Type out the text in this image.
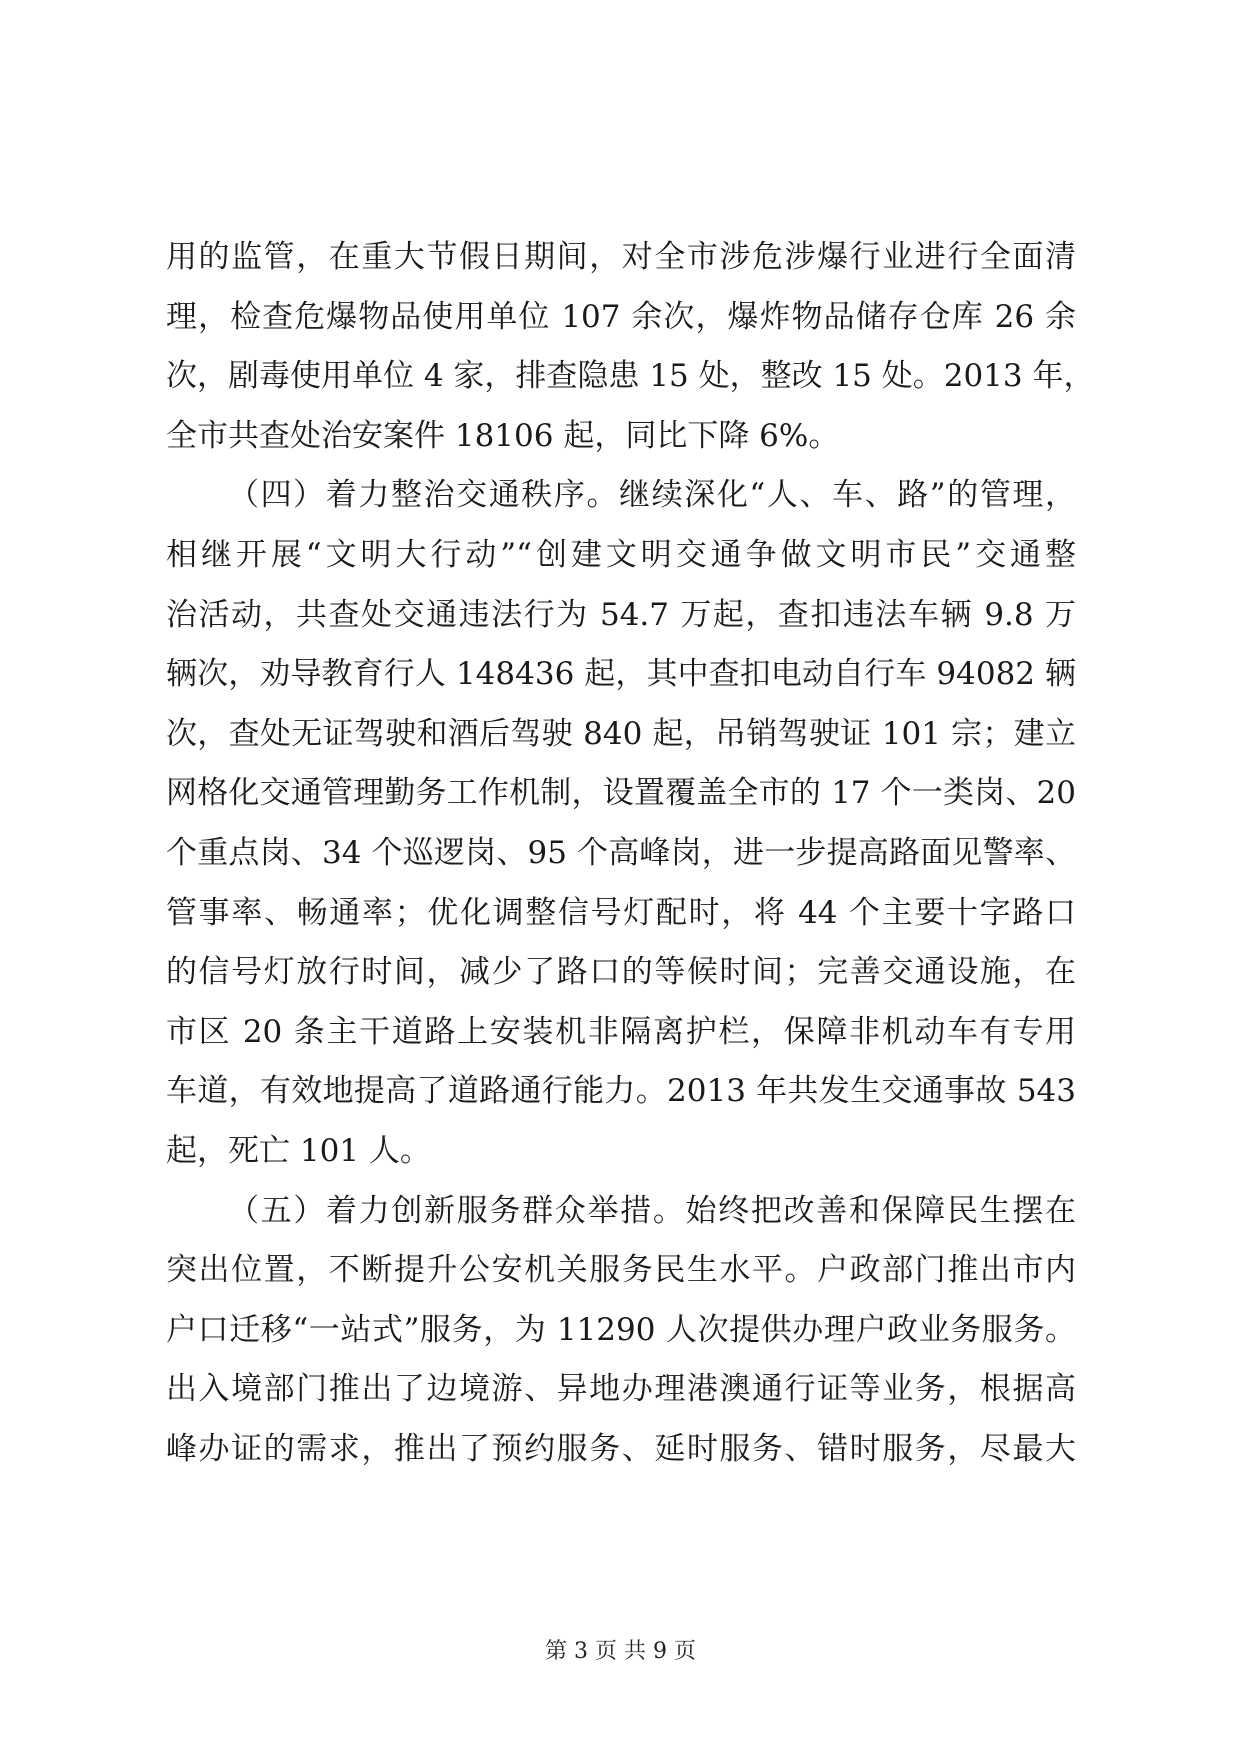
用的监管，在重大节假日期间，对全市涉危涉爆行业进行全面清
理，检查危爆物品使用单位 107 余次，爆炸物品储存仓库 26 余
次，剧毒使用单位 4 家，排查隐患 15 处，整改 15 处。2013 年，
全市共查处治安案件 18106 起，同比下降 6%。
（四）着力整治交通秩序。继续深化“人、车、路”的管理，
相继开展“文明大行动”“创建文明交通争做文明市民”交通整
治活动，共查处交通违法行为 54.7 万起，查扣违法车辆 9.8 万
辆次，劝导教育行人 148436 起，其中查扣电动自行车 94082 辆
次，查处无证驾驶和酒后驾驶 840 起，吊销驾驶证 101 宗；建立
网格化交通管理勤务工作机制，设置覆盖全市的 17 个一类岗、20
个重点岗、34 个巡逻岗、95 个高峰岗，进一步提高路面见警率、
管事率、畅通率；优化调整信号灯配时，将 44 个主要十字路口
的信号灯放行时间，减少了路口的等候时间；完善交通设施，在
市区 20 条主干道路上安装机非隔离护栏，保障非机动车有专用
车道，有效地提高了道路通行能力。2013 年共发生交通事故 543
起，死亡 101 人。
（五）着力创新服务群众举措。始终把改善和保障民生摆在
突出位置，不断提升公安机关服务民生水平。户政部门推出市内
户口迁移“一站式”服务，为 11290 人次提供办理户政业务服务。
出入境部门推出了边境游、异地办理港澳通行证等业务，根据高
峰办证的需求，推出了预约服务、延时服务、错时服务，尽最大
第 3 页 共 9 页
